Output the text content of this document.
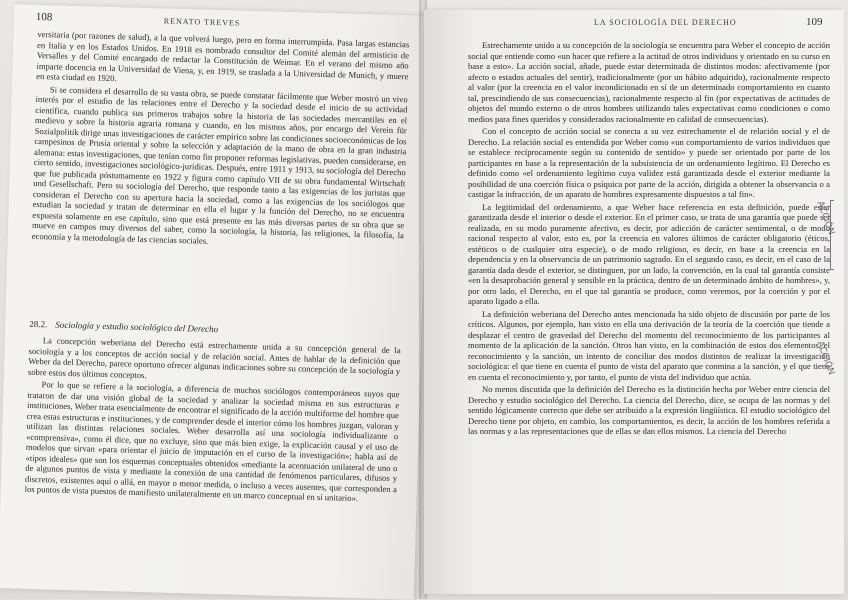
108	RENATO TREVES

versitaria (por razones de salud), a la que volverá luego, pero en forma interrumpida. Pasa largas estancias en Italia y en los Estados Unidos. En 1918 es nombrado consultor del Comité alemán del armisticio de Versalles y del Comité encargado de redactar la Constitución de Weimar. En el verano del mismo año imparte docencia en la Universidad de Viena, y, en 1919, se traslada a la Universidad de Munich, y muere en esta ciudad en 1920.

Si se considera el desarrollo de su vasta obra, se puede constatar fácilmente que Weber mostró un vivo interés por el estudio de las relaciones entre el Derecho y la sociedad desde el inicio de su actividad científica, cuando publica sus primeros trabajos sobre la historia de las sociedades mercantiles en el medievo y sobre la historia agraria romana y cuando, en los mismos años, por encargo del Verein für Sozialpolitik dirige unas investigaciones de carácter empírico sobre las condiciones socioeconómicas de los campesinos de Prusia oriental y sobre la selección y adaptación de la mano de obra en la gran industria alemana: estas investigaciones, que tenían como fin proponer reformas legislativas, pueden considerarse, en cierto sentido, investigaciones sociológico-jurídicas. Después, entre 1911 y 1913, su sociología del Derecho que fue publicada póstumamente en 1922 y figura como capítulo VII de su obra fundamental Wirtschaft und Gesellschaft. Pero su sociología del Derecho, que responde tanto a las exigencias de los juristas que consideran el Derecho con su apertura hacia la sociedad, como a las exigencias de los sociólogos que estudian la sociedad y tratan de determinar en ella el lugar y la función del Derecho, no se encuentra expuesta solamente en ese capítulo, sino que está presente en las más diversas partes de su obra que se mueve en campos muy diversos del saber, como la sociología, la historia, las religiones, la filosofía, la economía y la metodología de las ciencias sociales.

28.2. Sociología y estudio sociológico del Derecho

La concepción weberiana del Derecho está estrechamente unida a su concepción general de la sociología y a los conceptos de acción social y de relación social. Antes de hablar de la definición que Weber da del Derecho, parece oportuno ofrecer algunas indicaciones sobre su concepción de la sociología y sobre estos dos últimos conceptos.

Por lo que se refiere a la sociología, a diferencia de muchos sociólogos contemporáneos suyos que trataron de dar una visión global de la sociedad y analizar la sociedad misma en sus estructuras e instituciones, Weber trata esencialmente de encontrar el significado de la acción multiforme del hombre que crea estas estructuras e instituciones, y de comprender desde el interior cómo los hombres juzgan, valoran y utilizan las distintas relaciones sociales. Weber desarrolla así una sociología individualizante o «comprensiva», como él dice, que no excluye, sino que más bien exige, la explicación causal y el uso de modelos que sirvan «para orientar el juicio de imputación en el curso de la investigación»; habla así de «tipos ideales» que son los esquemas conceptuales obtenidos «mediante la acentuación unilateral de uno o de algunos puntos de vista y mediante la conexión de una cantidad de fenómenos particulares, difusos y discretos, existentes aquí o allá, en mayor o menor medida, o incluso a veces ausentes, que corresponden a los puntos de vista puestos de manifiesto unilateralmente en un marco conceptual en sí unitario».

LA SOCIOLOGÍA DEL DERECHO	109

Estrechamente unido a su concepción de la sociología se encuentra para Weber el concepto de acción social que entiende como «un hacer que refiere a la actitud de otros individuos y orientado en su curso en base a esto». La acción social, añade, puede estar determinada de distintos modos: afectivamente (por afecto o estados actuales del sentir), tradicionalmente (por un hábito adquirido), racionalmente respecto al valor (por la creencia en el valor incondicionado en sí de un determinado comportamiento en cuanto tal, prescindiendo de sus consecuencias), racionalmente respecto al fin (por expectativas de actitudes de objetos del mundo externo o de otros hombres utilizando tales expectativas como condiciones o como medios para fines queridos y considerados racionalmente en calidad de consecuencias).

Con el concepto de acción social se conecta a su vez estrechamente el de relación social y el de Derecho. La relación social es entendida por Weber como «un comportamiento de varios individuos que se establece recíprocamente según su contenido de sentido» y puede ser orientado por parte de los participantes en base a la representación de la subsistencia de un ordenamiento legítimo. El Derecho es definido como «el ordenamiento legítimo cuya validez está garantizada desde el exterior mediante la posibilidad de una coerción física o psíquica por parte de la acción, dirigida a obtener la observancia o a castigar la infracción, de un aparato de hombres expresamente dispuestos a tal fin».

La legitimidad del ordenamiento, a que Weber hace referencia en esta definición, puede estar garantizada desde el interior o desde el exterior. En el primer caso, se trata de una garantía que puede ser realizada, en su modo puramente afectivo, es decir, por adicción de carácter sentimental, o de modo racional respecto al valor, esto es, por la creencia en valores últimos de carácter obligatorio (éticos, estéticos o de cualquier otra especie), o de modo religioso, es decir, en base a la creencia en la dependencia y en la observancia de un patrimonio sagrado. En el segundo caso, es decir, en el caso de la garantía dada desde el exterior, se distinguen, por un lado, la convención, en la cual tal garantía consiste «en la desaprobación general y sensible en la práctica, dentro de un determinado ámbito de hombres», y, por otro lado, el Derecho, en el que tal garantía se produce, como veremos, por la coerción y por el aparato ligado a ella.

La definición weberiana del Derecho antes mencionada ha sido objeto de discusión por parte de los críticos. Algunos, por ejemplo, han visto en ella una derivación de la teoría de la coerción que tiende a desplazar el centro de gravedad del Derecho del momento del reconocimiento de los participantes al momento de la aplicación de la sanción. Otros han visto, en la combinación de estos dos elementos, el reconocimiento y la sanción, un intento de conciliar dos modos distintos de realizar la investigación sociológica: el que tiene en cuenta el punto de vista del aparato que conmina a la sanción, y el que tiene en cuenta el reconocimiento y, por tanto, el punto de vista del individuo que actúa.

No menos discutida que la definición del Derecho es la distinción hecha por Weber entre ciencia del Derecho y estudio sociológico del Derecho. La ciencia del Derecho, dice, se ocupa de las normas y del sentido lógicamente correcto que debe ser atribuido a la expresión lingüística. El estudio sociológico del Derecho tiene por objeto, en cambio, los comportamientos, es decir, la acción de los hombres referida a las normas y a las representaciones que de ellas se dan ellos mismos. La ciencia del Derecho

ACCIÓN
ACCIÓN
